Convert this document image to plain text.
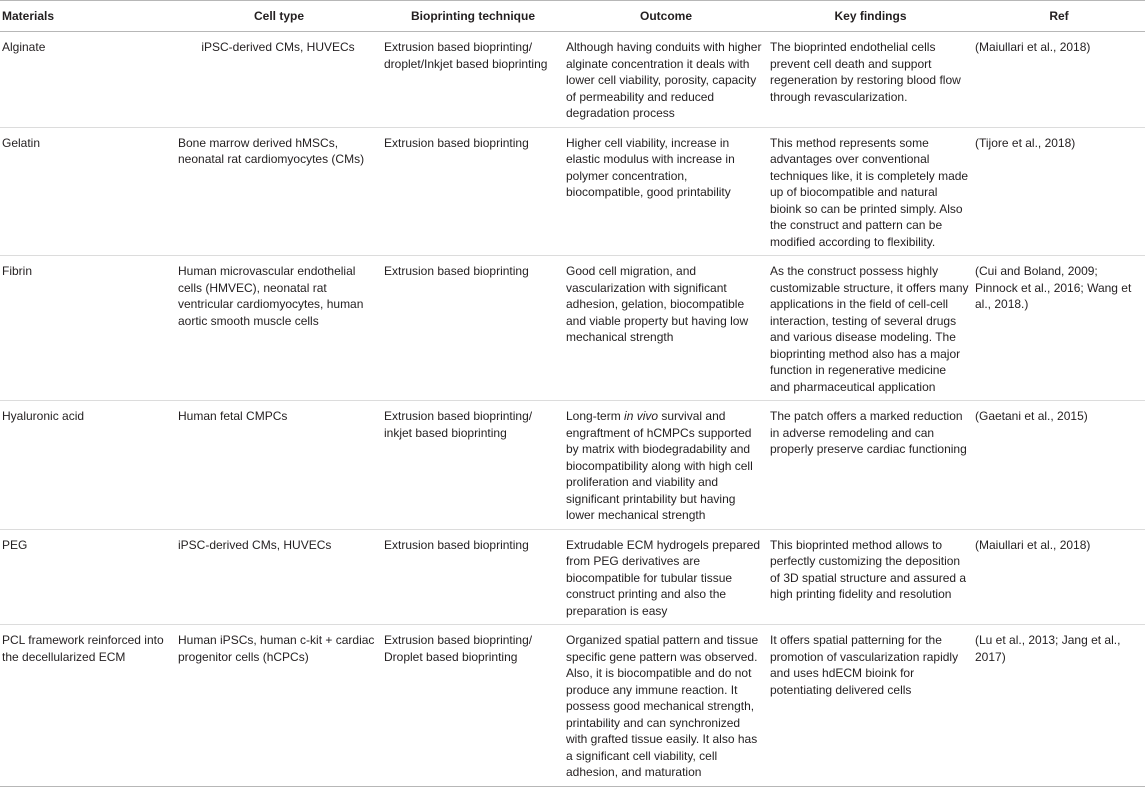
Materials	Cell type	Bioprinting technique	Outcome	Key findings	Ref
Alginate	iPSC-derived CMs, HUVECs	Extrusion based bioprinting/ droplet/Inkjet based bioprinting	Although having conduits with higher alginate concentration it deals with lower cell viability, porosity, capacity of permeability and reduced degradation process	The bioprinted endothelial cells prevent cell death and support regeneration by restoring blood flow through revascularization.	(Maiullari et al., 2018)
Gelatin	Bone marrow derived hMSCs, neonatal rat cardiomyocytes (CMs)	Extrusion based bioprinting	Higher cell viability, increase in elastic modulus with increase in polymer concentration, biocompatible, good printability	This method represents some advantages over conventional techniques like, it is completely made up of biocompatible and natural bioink so can be printed simply. Also the construct and pattern can be modified according to flexibility.	(Tijore et al., 2018)
Fibrin	Human microvascular endothelial cells (HMVEC), neonatal rat ventricular cardiomyocytes, human aortic smooth muscle cells	Extrusion based bioprinting	Good cell migration, and vascularization with significant adhesion, gelation, biocompatible and viable property but having low mechanical strength	As the construct possess highly customizable structure, it offers many applications in the field of cell-cell interaction, testing of several drugs and various disease modeling. The bioprinting method also has a major function in regenerative medicine and pharmaceutical application	(Cui and Boland, 2009; Pinnock et al., 2016; Wang et al., 2018.)
Hyaluronic acid	Human fetal CMPCs	Extrusion based bioprinting/ inkjet based bioprinting	Long-term in vivo survival and engraftment of hCMPCs supported by matrix with biodegradability and biocompatibility along with high cell proliferation and viability and significant printability but having lower mechanical strength	The patch offers a marked reduction in adverse remodeling and can properly preserve cardiac functioning	(Gaetani et al., 2015)
PEG	iPSC-derived CMs, HUVECs	Extrusion based bioprinting	Extrudable ECM hydrogels prepared from PEG derivatives are biocompatible for tubular tissue construct printing and also the preparation is easy	This bioprinted method allows to perfectly customizing the deposition of 3D spatial structure and assured a high printing fidelity and resolution	(Maiullari et al., 2018)
PCL framework reinforced into the decellularized ECM	Human iPSCs, human c-kit + cardiac progenitor cells (hCPCs)	Extrusion based bioprinting/ Droplet based bioprinting	Organized spatial pattern and tissue specific gene pattern was observed. Also, it is biocompatible and do not produce any immune reaction. It possess good mechanical strength, printability and can synchronized with grafted tissue easily. It also has a significant cell viability, cell adhesion, and maturation	It offers spatial patterning for the promotion of vascularization rapidly and uses hdECM bioink for potentiating delivered cells	(Lu et al., 2013; Jang et al., 2017)
